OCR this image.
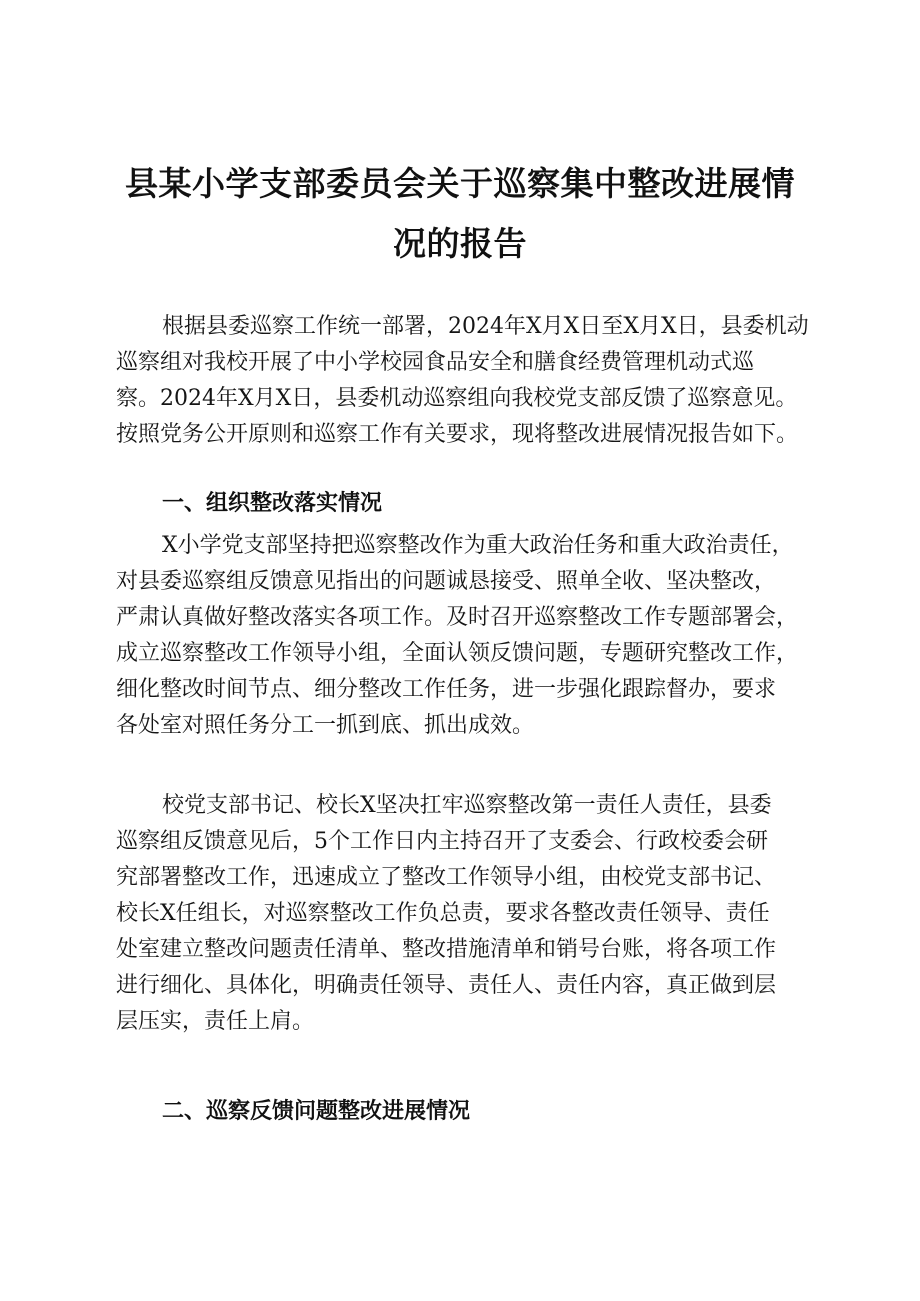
县某小学支部委员会关于巡察集中整改进展情
况的报告
根据县委巡察工作统一部署，2024年X月X日至X月X日，县委机动
巡察组对我校开展了中小学校园食品安全和膳食经费管理机动式巡
察。2024年X月X日，县委机动巡察组向我校党支部反馈了巡察意见。
按照党务公开原则和巡察工作有关要求，现将整改进展情况报告如下。
一、组织整改落实情况
X小学党支部坚持把巡察整改作为重大政治任务和重大政治责任，
对县委巡察组反馈意见指出的问题诚恳接受、照单全收、坚决整改，
严肃认真做好整改落实各项工作。及时召开巡察整改工作专题部署会，
成立巡察整改工作领导小组，全面认领反馈问题，专题研究整改工作，
细化整改时间节点、细分整改工作任务，进一步强化跟踪督办，要求
各处室对照任务分工一抓到底、抓出成效。
校党支部书记、校长X坚决扛牢巡察整改第一责任人责任，县委
巡察组反馈意见后，5个工作日内主持召开了支委会、行政校委会研
究部署整改工作，迅速成立了整改工作领导小组，由校党支部书记、
校长X任组长，对巡察整改工作负总责，要求各整改责任领导、责任
处室建立整改问题责任清单、整改措施清单和销号台账，将各项工作
进行细化、具体化，明确责任领导、责任人、责任内容，真正做到层
层压实，责任上肩。
二、巡察反馈问题整改进展情况
